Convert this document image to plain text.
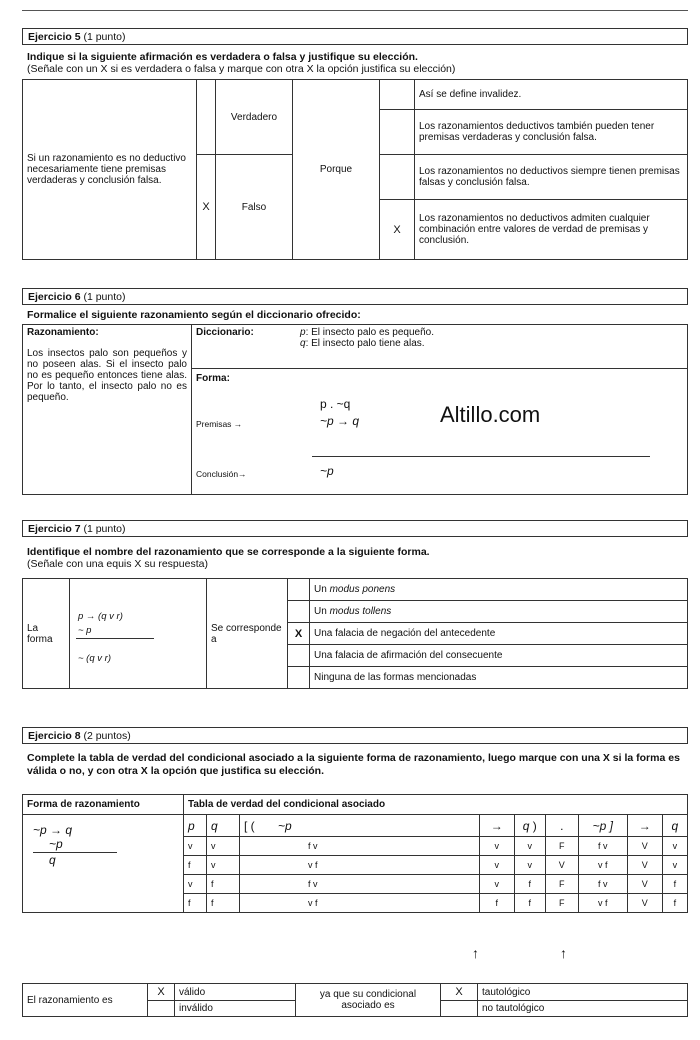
Ejercicio 5 (1 punto)
Indique si la siguiente afirmación es verdadera o falsa y justifique su elección.
(Señale con un X si es verdadera o falsa y marque con otra X la opción justifica su elección)
Si un razonamiento es no deductivo necesariamente tiene premisas verdaderas y conclusión falsa.		Verdadero	Porque		Así se define invalidez.
					Los razonamientos deductivos también pueden tener premisas verdaderas y conclusión falsa.
	X	Falso			Los razonamientos no deductivos siempre tienen premisas falsas y conclusión falsa.
				X	Los razonamientos no deductivos admiten cualquier combinación entre valores de verdad de premisas y conclusión.
Ejercicio 6 (1 punto)
Formalice el siguiente razonamiento según el diccionario ofrecido:
Razonamiento:
Los insectos palo son pequeños y no poseen alas. Si el insecto palo no es pequeño entonces tiene alas. Por lo tanto, el insecto palo no es pequeño.

Diccionario:	p: El insecto palo es pequeño.
q: El insecto palo tiene alas.

Forma:
Premisas →
p . ~q
~p → q
~p
Conclusión→
Altillo.com
Ejercicio 7 (1 punto)
Identifique el nombre del razonamiento que se corresponde a la siguiente forma.
(Señale con una equis X su respuesta)
La forma	p → (q v r)
~ p
~ (q v r)	Se corresponde a		Un modus ponens
				Un modus tollens
			X	Una falacia de negación del antecedente
				Una falacia de afirmación del consecuente
				Ninguna de las formas mencionadas
Ejercicio 8 (2 puntos)
Complete la tabla de verdad del condicional asociado a la siguiente forma de razonamiento, luego marque con una X si la forma es válida o no, y con otra X la opción que justifica su elección.
Forma de razonamiento	Tabla de verdad del condicional asociado								

~p → q
~p
q	p	q	[ ( ~p	→	q )	.	~p ]	→	q
	v	v	f v	v	v	F	f v	V	v
	f	v	v f	v	v	V	v f	V	v
	v	f	f v	v	f	F	f v	V	f
	f	f	v f	f	f	F	v f	V	f
↑	↑
El razonamiento es	X	válido	ya que su condicional asociado es	X	tautológico
		inválido			no tautológico
